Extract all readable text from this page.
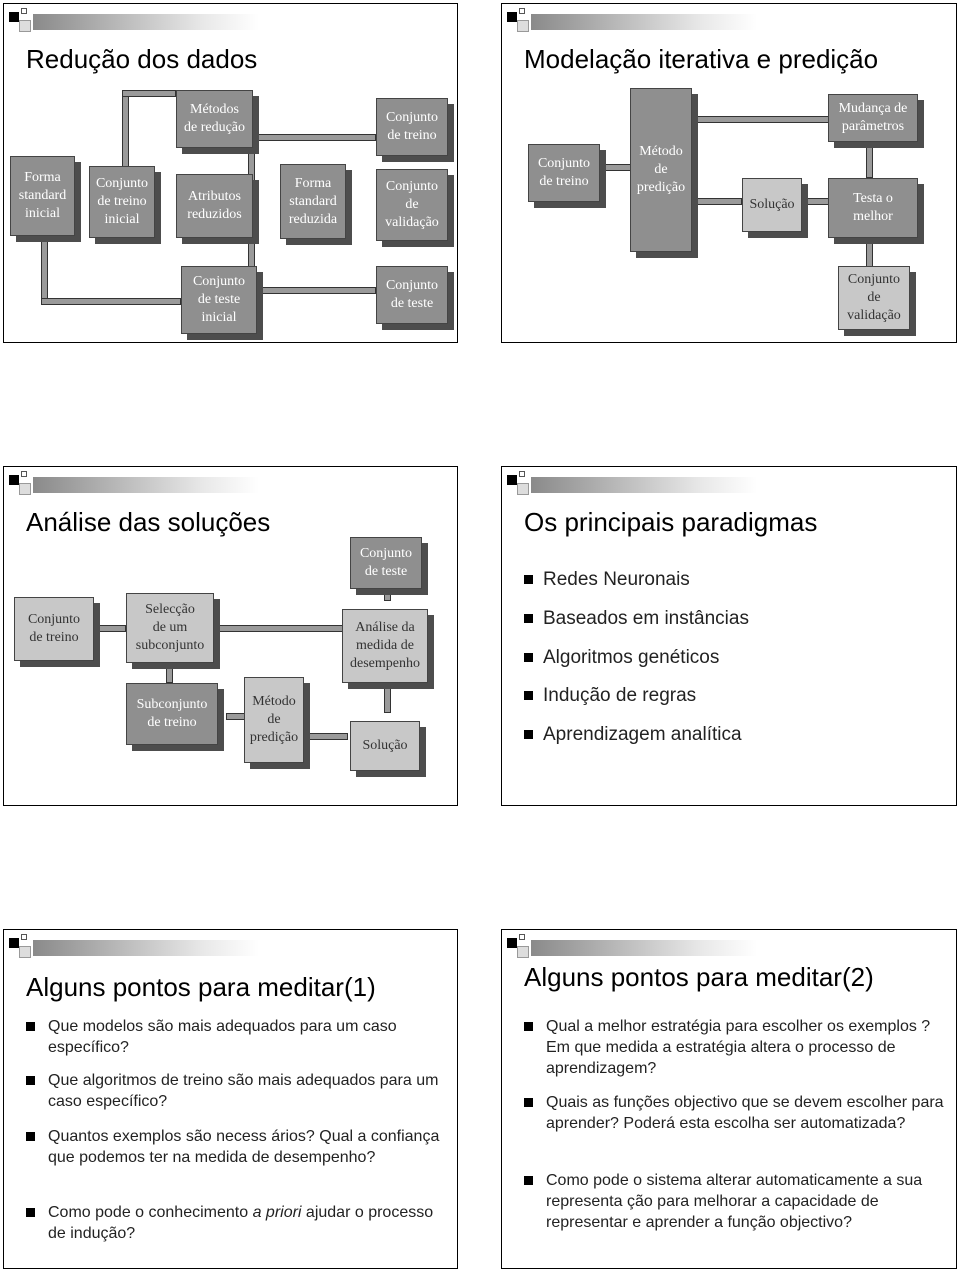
Redução dos dados
Forma
standard
inicial
Conjunto
de treino
inicial
Métodos
de redução
Atributos
reduzidos
Forma
standard
reduzida
Conjunto
de treino
Conjunto
de
validação
Conjunto
de teste
inicial
Conjunto
de teste
Modelação iterativa e predição
Conjunto
de treino
Método
de
predição
Solução
Mudança de
parâmetros
Testa o
melhor
Conjunto
de
validação
Análise das soluções
Conjunto
de treino
Selecção
de um
subconjunto
Subconjunto
de treino
Método
de
predição
Conjunto
de teste
Análise da
medida de
desempenho
Solução
Os principais paradigmas
Redes Neuronais
Baseados em instâncias
Algoritmos genéticos
Indução de regras
Aprendizagem analítica
Alguns pontos para meditar(1)
Que modelos são mais adequados para um caso específico?
Que algoritmos de treino são mais adequados para um caso específico?
Quantos exemplos são necess ários? Qual a confiança que podemos ter na medida de desempenho?
Como pode o conhecimento a priori ajudar o processo de indução?
Alguns pontos para meditar(2)
Qual a melhor estratégia para escolher os exemplos ? Em que medida a estratégia altera o processo de aprendizagem?
Quais as funções objectivo que se devem escolher para aprender? Poderá esta escolha ser automatizada?
Como pode o sistema alterar automaticamente a sua representa ção para melhorar a capacidade de representar e aprender a função objectivo?
